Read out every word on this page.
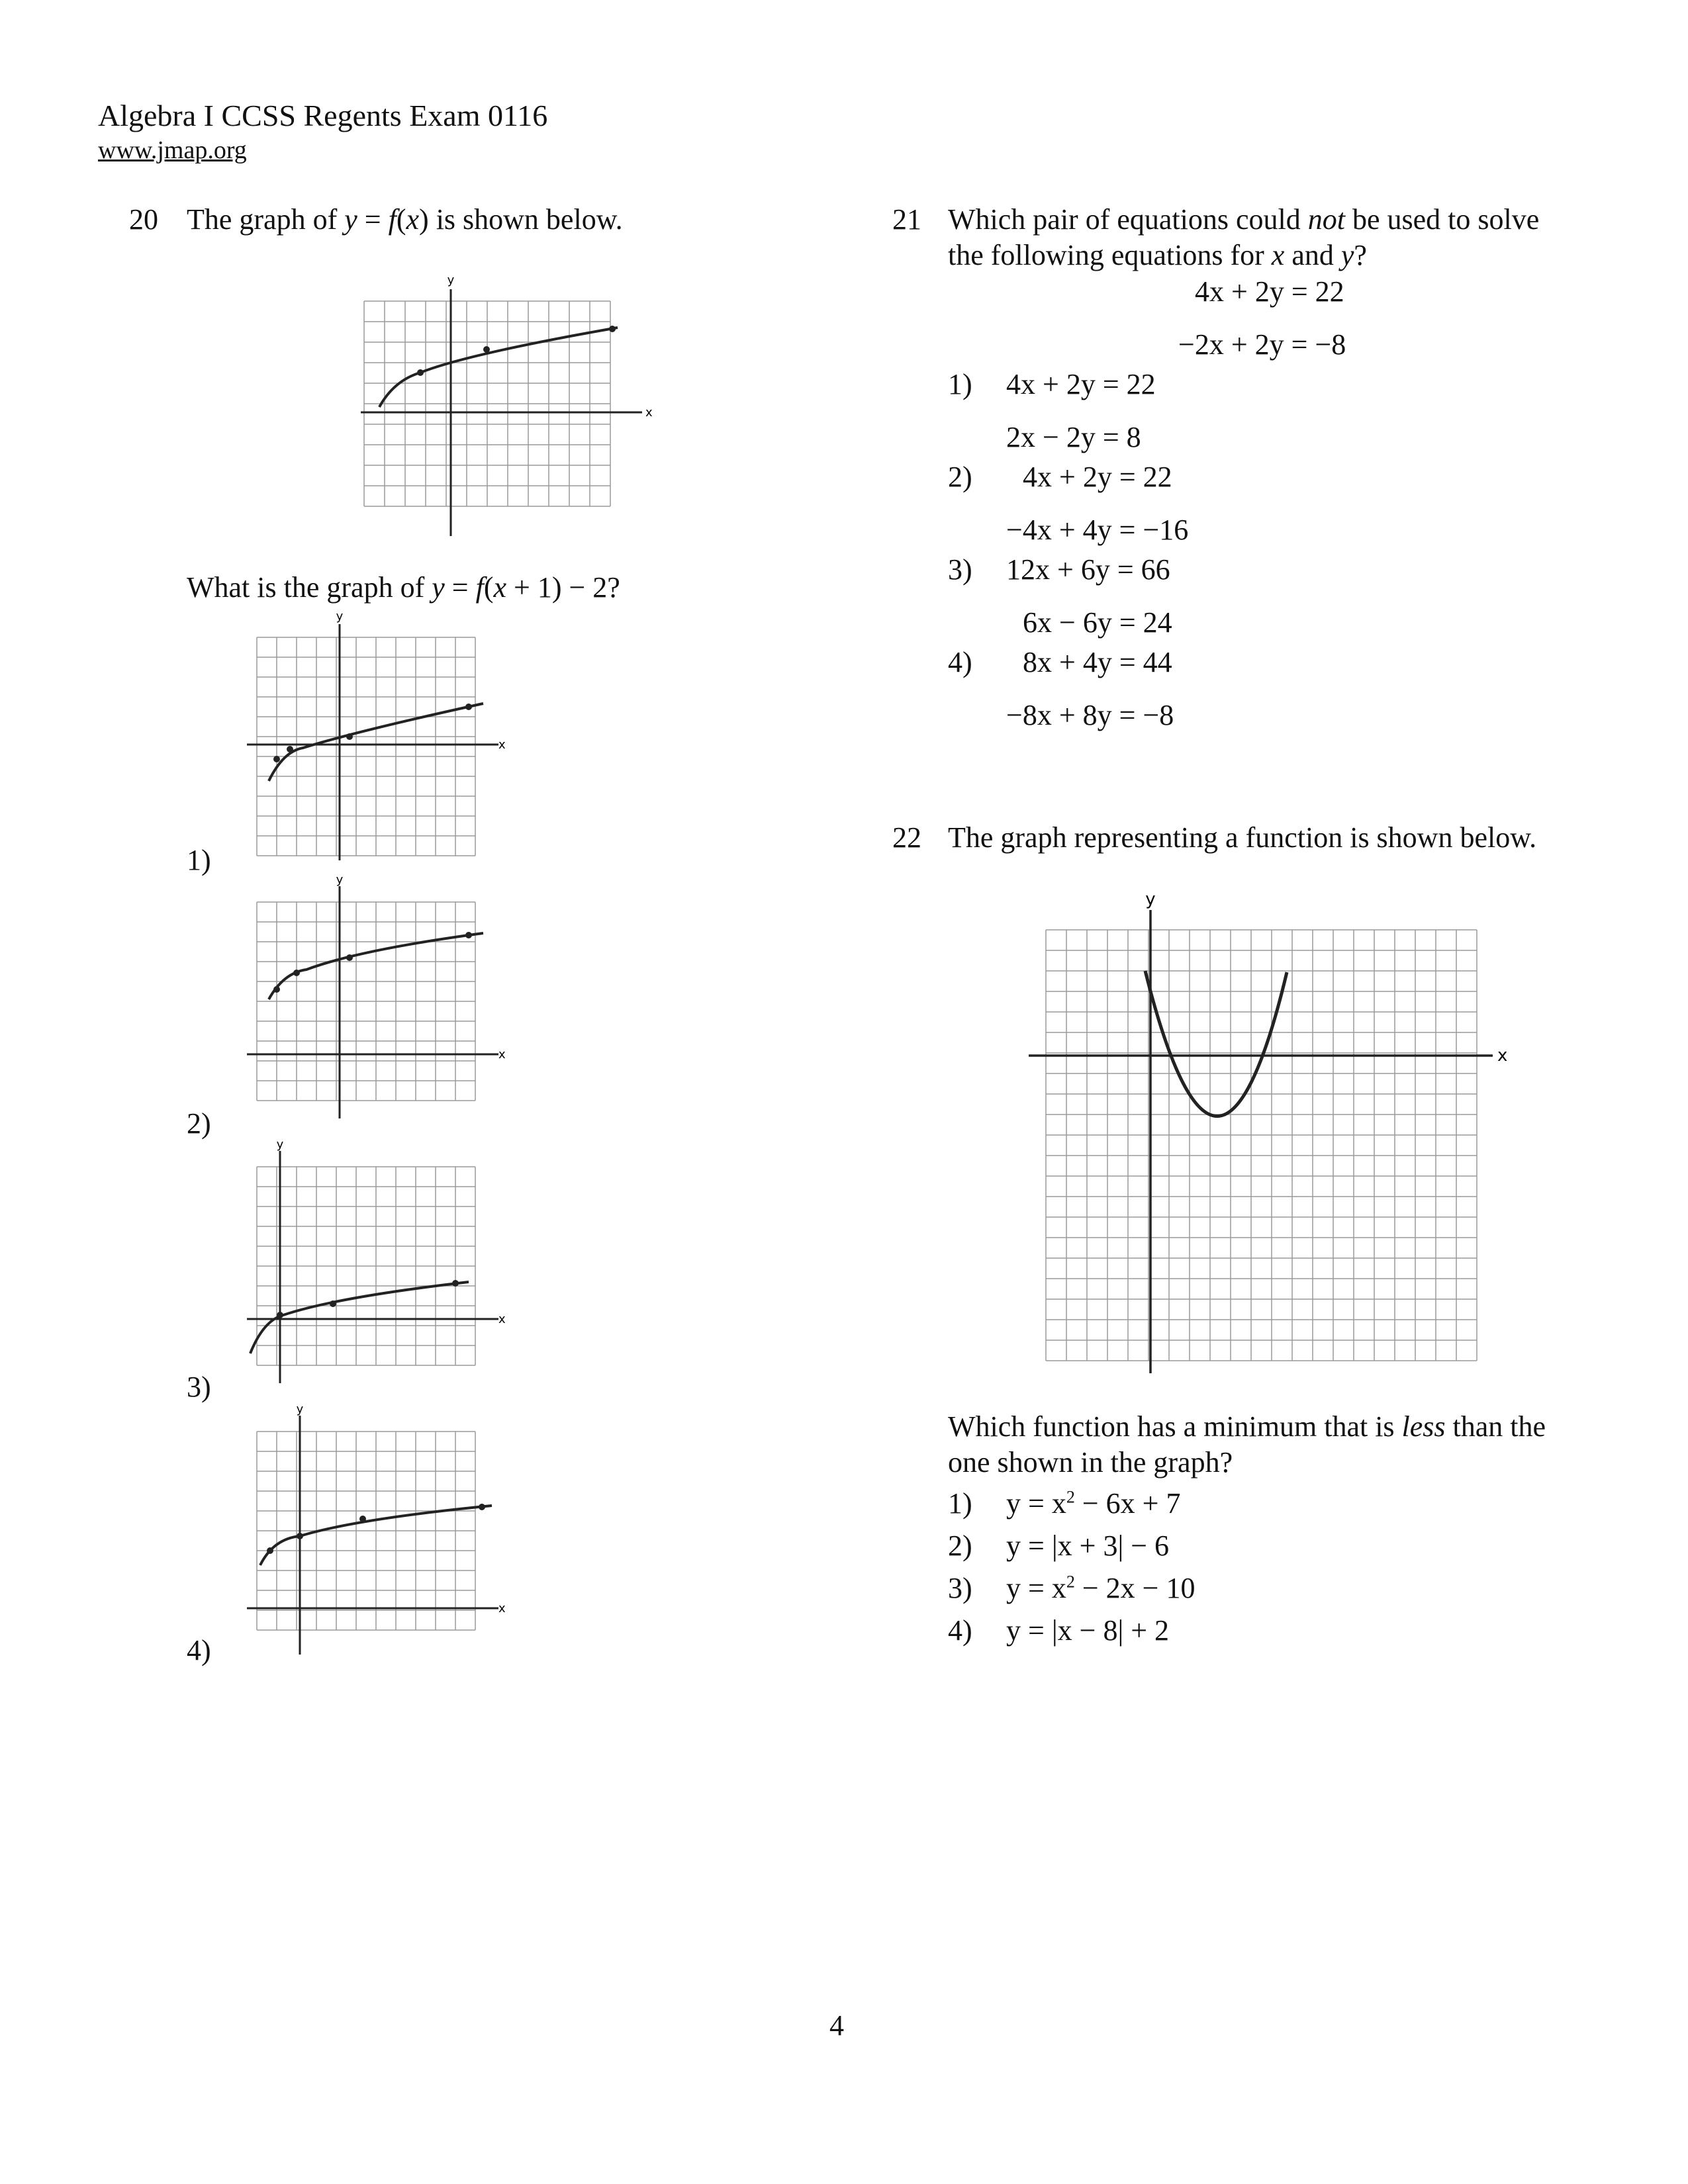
Algebra I CCSS Regents Exam 0116
www.jmap.org
20 The graph of y = f(x) is shown below.
y
x
What is the graph of y = f(x + 1) − 2?
1)
y
x
2)
y
x
3)
y
x
4)
y
x
21 Which pair of equations could not be used to solve
the following equations for x and y?
4x + 2y = 22
−2x + 2y = −8
1) 4x + 2y = 22
2x − 2y = 8
2) 4x + 2y = 22
−4x + 4y = −16
3) 12x + 6y = 66
6x − 6y = 24
4) 8x + 4y = 44
−8x + 8y = −8
22 The graph representing a function is shown below.
y
x
Which function has a minimum that is less than the
one shown in the graph?
1) $y = x^2 - 6x + 7$
2) y = |x + 3| − 6
3) $y = x^2 - 2x - 10$
4) y = |x − 8| + 2
4
